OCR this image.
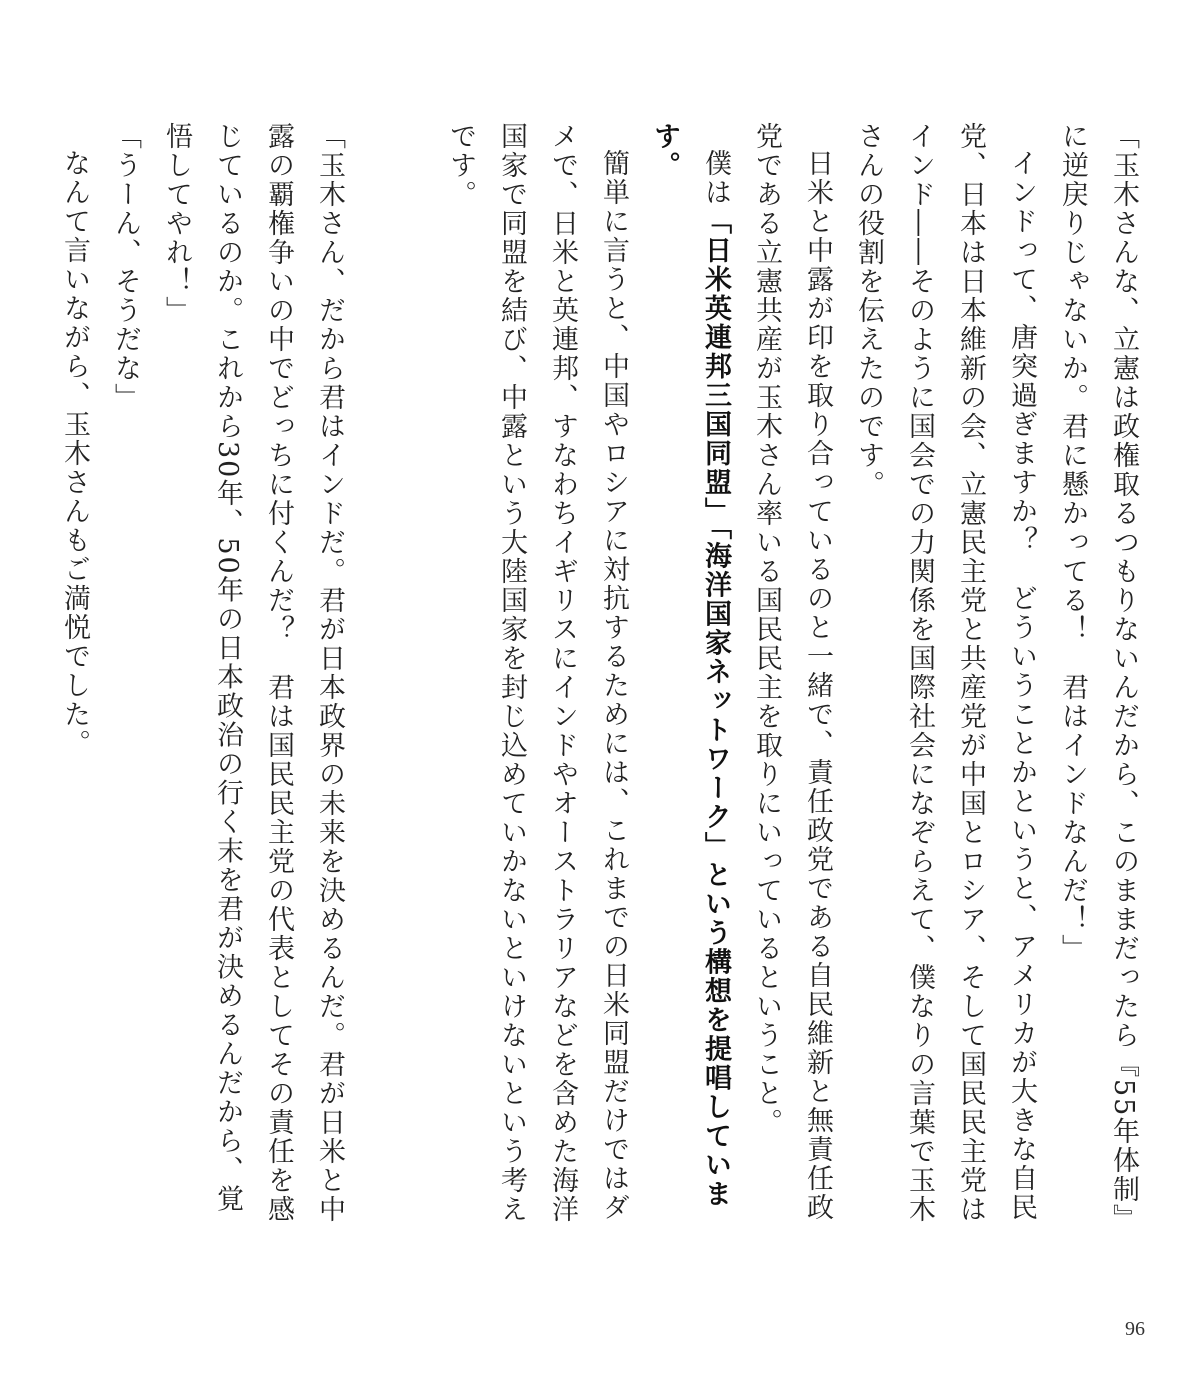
「玉木さんな、立憲は政権取るつもりないんだから、このままだったら『55年体制』に逆戻りじゃないか。君に懸かってる！　君はインドなんだ！」

インドって、唐突過ぎますか？　どういうことかというと、アメリカが大きな自民党、日本は日本維新の会、立憲民主党と共産党が中国とロシア、そして国民民主党はインド――そのように国会での力関係を国際社会になぞらえて、僕なりの言葉で玉木さんの役割を伝えたのです。

日米と中露が印を取り合っているのと一緒で、責任政党である自民維新と無責任政党である立憲共産が玉木さん率いる国民民主を取りにいっているということ。

僕は「日米英連邦三国同盟」「海洋国家ネットワーク」という構想を提唱しています。

簡単に言うと、中国やロシアに対抗するためには、これまでの日米同盟だけではダメで、日米と英連邦、すなわちイギリスにインドやオーストラリアなどを含めた海洋国家で同盟を結び、中露という大陸国家を封じ込めていかないといけないという考えです。

「玉木さん、だから君はインドだ。君が日本政界の未来を決めるんだ。君が日米と中露の覇権争いの中でどっちに付くんだ？　君は国民民主党の代表としてその責任を感じているのか。これから30年、50年の日本政治の行く末を君が決めるんだから、覚悟してやれ！」

「うーん、そうだな」

なんて言いながら、玉木さんもご満悦でした。

96
